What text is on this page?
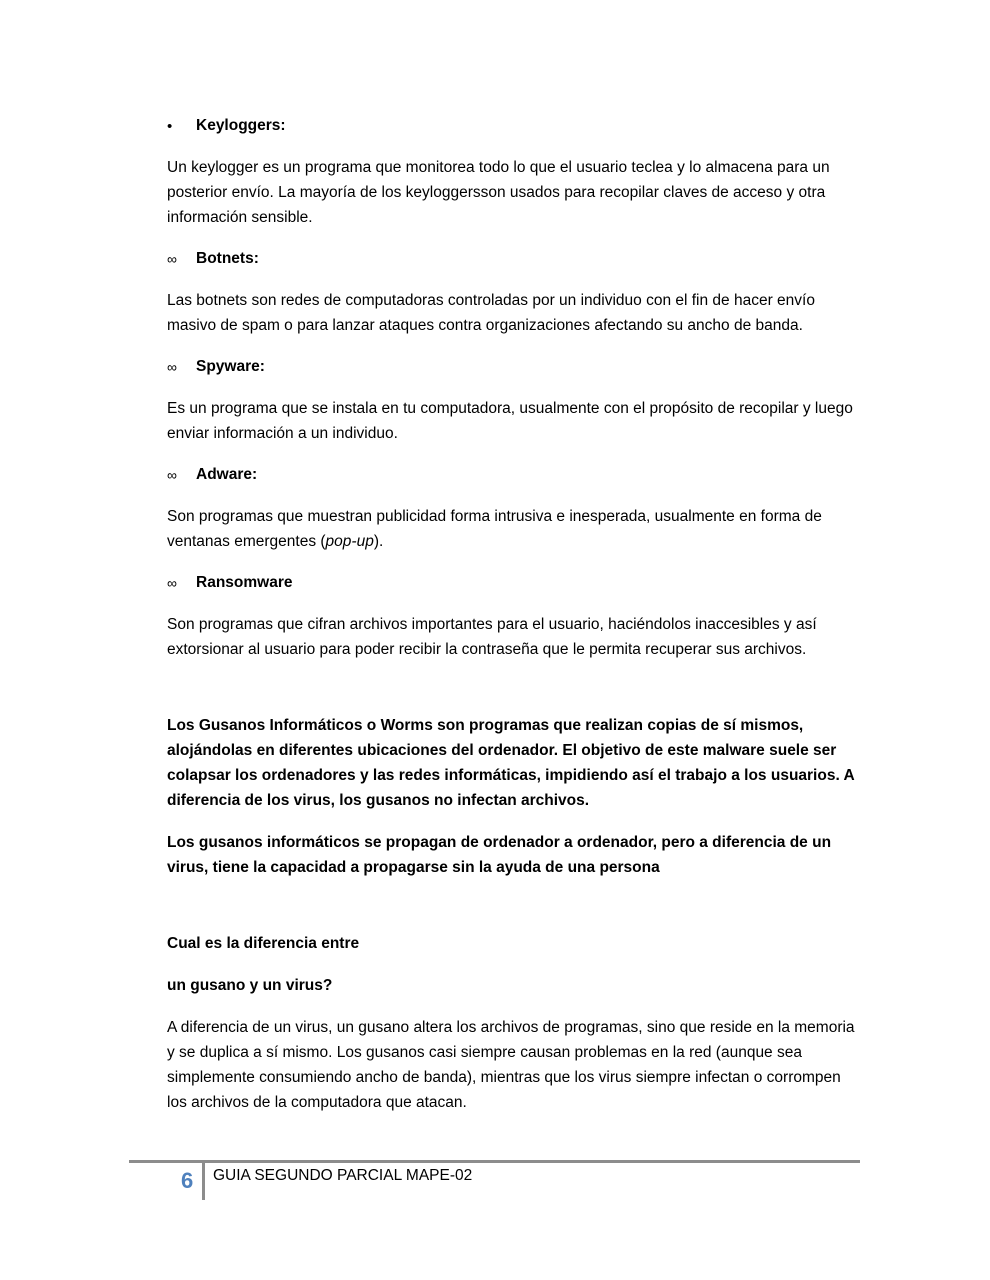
•	Keyloggers:

Un keylogger es un programa que monitorea todo lo que el usuario teclea y lo almacena para un posterior envío. La mayoría de los keyloggersson usados para recopilar claves de acceso y otra información sensible.

∞	Botnets:

Las botnets son redes de computadoras controladas por un individuo con el fin de hacer envío masivo de spam o para lanzar ataques contra organizaciones afectando su ancho de banda.

∞	Spyware:

Es un programa que se instala en tu computadora, usualmente con el propósito de recopilar y luego enviar información a un individuo.

∞	Adware:

Son programas que muestran publicidad forma intrusiva e inesperada, usualmente en forma de ventanas emergentes (pop-up).

∞	Ransomware

Son programas que cifran archivos importantes para el usuario, haciéndolos inaccesibles y así extorsionar al usuario para poder recibir la contraseña que le permita recuperar sus archivos.

Los Gusanos Informáticos o Worms son programas que realizan copias de sí mismos, alojándolas en diferentes ubicaciones del ordenador. El objetivo de este malware suele ser colapsar los ordenadores y las redes informáticas, impidiendo así el trabajo a los usuarios. A diferencia de los virus, los gusanos no infectan archivos.

Los gusanos informáticos se propagan de ordenador a ordenador, pero a diferencia de un virus, tiene la capacidad a propagarse sin la ayuda de una persona

Cual es la diferencia entre

un gusano y un virus?

A diferencia de un virus, un gusano altera los archivos de programas, sino que reside en la memoria y se duplica a sí mismo. Los gusanos casi siempre causan problemas en la red (aunque sea simplemente consumiendo ancho de banda), mientras que los virus siempre infectan o corrompen los archivos de la computadora que atacan.

6 GUIA SEGUNDO PARCIAL MAPE-02
